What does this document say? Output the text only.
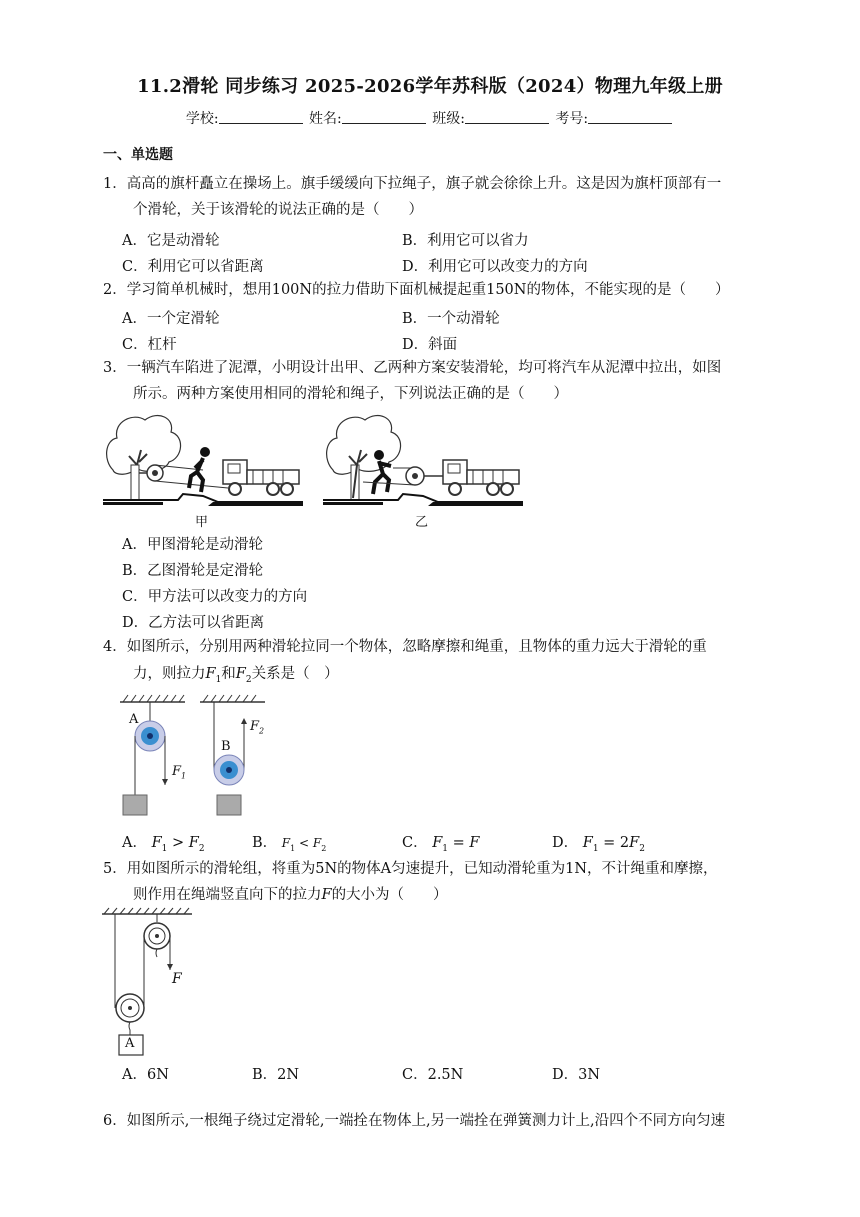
11.2滑轮 同步练习 2025-2026学年苏科版（2024）物理九年级上册
学校:	姓名:	班级:	考号:
一、单选题
1．高高的旗杆矗立在操场上。旗手缓缓向下拉绳子，旗子就会徐徐上升。这是因为旗杆顶部有一
个滑轮，关于该滑轮的说法正确的是（　　）
A．它是动滑轮	B．利用它可以省力
C．利用它可以省距离	D．利用它可以改变力的方向
2．学习简单机械时，想用100N的拉力借助下面机械提起重150N的物体，不能实现的是（　　）
A．一个定滑轮	B．一个动滑轮
C．杠杆	D．斜面
3．一辆汽车陷进了泥潭，小明设计出甲、乙两种方案安装滑轮，均可将汽车从泥潭中拉出，如图
所示。两种方案使用相同的滑轮和绳子，下列说法正确的是（　　）
甲	乙
A．甲图滑轮是动滑轮
B．乙图滑轮是定滑轮
C．甲方法可以改变力的方向
D．乙方法可以省距离
4．如图所示，分别用两种滑轮拉同一个物体，忽略摩擦和绳重，且物体的重力远大于滑轮的重
力，则拉力$F_1$和$F_2$关系是（　）
A
B
$F_1$
$F_2$
A． $F_1 > F_2$	B． $F_1 < F_2$	C． $F_1 = F$	D． $F_1 = 2F_2$
5．用如图所示的滑轮组，将重为5N的物体A匀速提升，已知动滑轮重为1N，不计绳重和摩擦，
则作用在绳端竖直向下的拉力F的大小为（　　）
F
A
A．6N	B．2N	C．2.5N	D．3N
6．如图所示,一根绳子绕过定滑轮,一端拴在物体上,另一端拴在弹簧测力计上,沿四个不同方向匀速
